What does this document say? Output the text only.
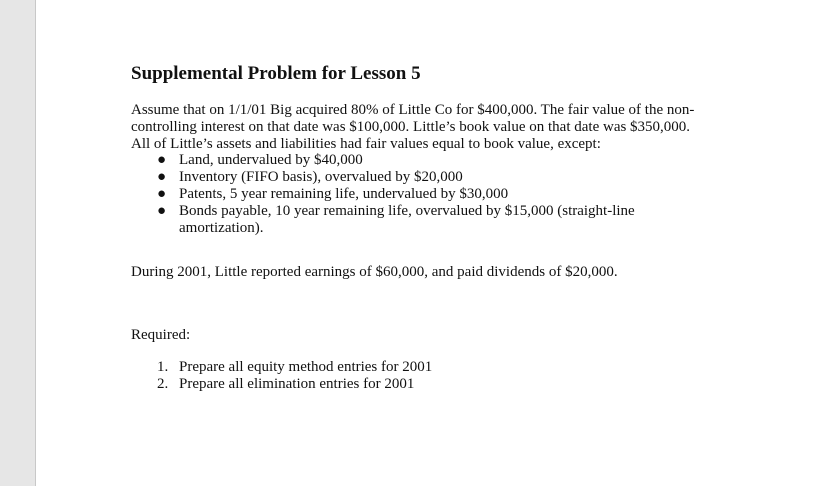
Supplemental Problem for Lesson 5
Assume that on 1/1/01 Big acquired 80% of Little Co for $400,000. The fair value of the non-
controlling interest on that date was $100,000. Little’s book value on that date was $350,000.
All of Little’s assets and liabilities had fair values equal to book value, except:
● Land, undervalued by $40,000
● Inventory (FIFO basis), overvalued by $20,000
● Patents, 5 year remaining life, undervalued by $30,000
● Bonds payable, 10 year remaining life, overvalued by $15,000 (straight-line
amortization).
During 2001, Little reported earnings of $60,000, and paid dividends of $20,000.
Required:
1. Prepare all equity method entries for 2001
2. Prepare all elimination entries for 2001
